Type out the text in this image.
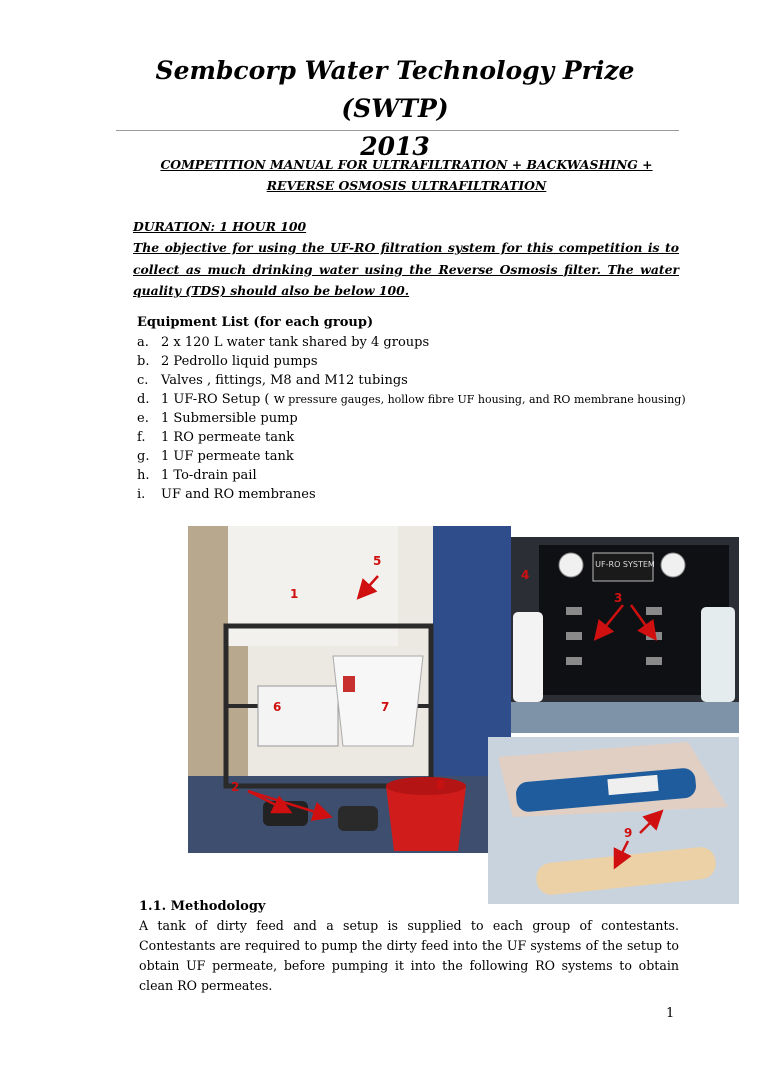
Sembcorp Water Technology Prize (SWTP)
2013
COMPETITION MANUAL FOR ULTRAFILTRATION + BACKWASHING + REVERSE OSMOSIS ULTRAFILTRATION
DURATION: 1 HOUR 100
The objective for using the UF-RO filtration system for this competition is to collect as much drinking water using the Reverse Osmosis filter. The water quality (TDS) should also be below 100.
Equipment List (for each group)
a. 2 x 120 L water tank shared by 4 groups
b. 2 Pedrollo liquid pumps
c. Valves , fittings, M8 and M12 tubings
d. 1 UF-RO Setup ( w pressure gauges, hollow fibre UF housing, and RO membrane housing)
e. 1 Submersible pump
f. 1 RO permeate tank
g. 1 UF permeate tank
h. 1 To-drain pail
i. UF and RO membranes
5
1
6	7
2	8
UF-RO SYSTEM
4
3
9
1.1. Methodology
A tank of dirty feed and a setup is supplied to each group of contestants. Contestants are required to pump the dirty feed into the UF systems of the setup to obtain UF permeate, before pumping it into the following RO systems to obtain clean RO permeates.
1
